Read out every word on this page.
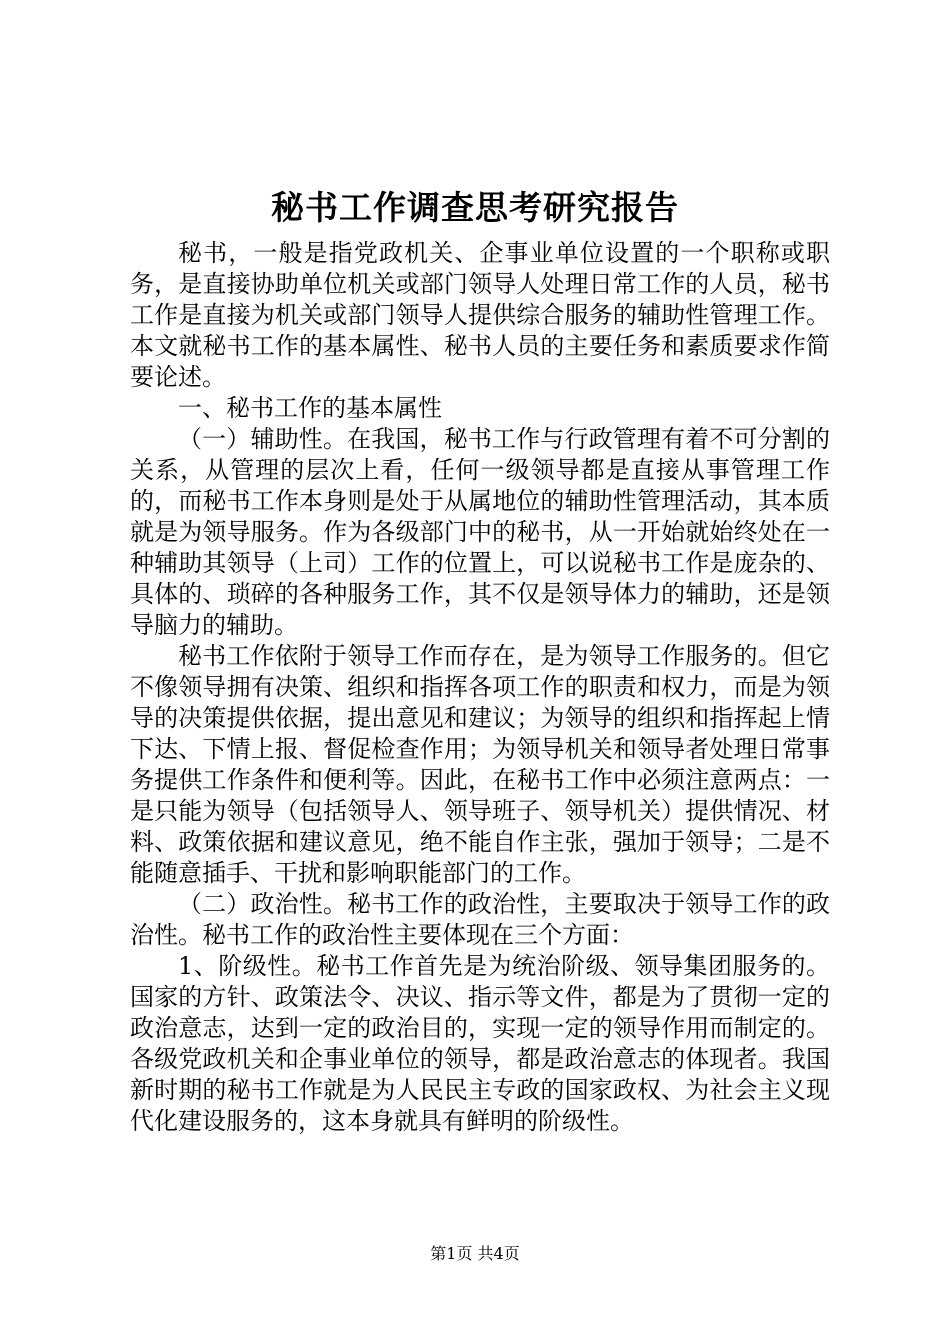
秘书工作调查思考研究报告

秘书，一般是指党政机关、企事业单位设置的一个职称或职务，是直接协助单位机关或部门领导人处理日常工作的人员，秘书工作是直接为机关或部门领导人提供综合服务的辅助性管理工作。本文就秘书工作的基本属性、秘书人员的主要任务和素质要求作简要论述。

一、秘书工作的基本属性

（一）辅助性。在我国，秘书工作与行政管理有着不可分割的关系，从管理的层次上看，任何一级领导都是直接从事管理工作的，而秘书工作本身则是处于从属地位的辅助性管理活动，其本质就是为领导服务。作为各级部门中的秘书，从一开始就始终处在一种辅助其领导（上司）工作的位置上，可以说秘书工作是庞杂的、具体的、琐碎的各种服务工作，其不仅是领导体力的辅助，还是领导脑力的辅助。

秘书工作依附于领导工作而存在，是为领导工作服务的。但它不像领导拥有决策、组织和指挥各项工作的职责和权力，而是为领导的决策提供依据，提出意见和建议；为领导的组织和指挥起上情下达、下情上报、督促检查作用；为领导机关和领导者处理日常事务提供工作条件和便利等。因此，在秘书工作中必须注意两点：一是只能为领导（包括领导人、领导班子、领导机关）提供情况、材料、政策依据和建议意见，绝不能自作主张，强加于领导；二是不能随意插手、干扰和影响职能部门的工作。

（二）政治性。秘书工作的政治性，主要取决于领导工作的政治性。秘书工作的政治性主要体现在三个方面：

1、阶级性。秘书工作首先是为统治阶级、领导集团服务的。国家的方针、政策法令、决议、指示等文件，都是为了贯彻一定的政治意志，达到一定的政治目的，实现一定的领导作用而制定的。各级党政机关和企事业单位的领导，都是政治意志的体现者。我国新时期的秘书工作就是为人民民主专政的国家政权、为社会主义现代化建设服务的，这本身就具有鲜明的阶级性。

第1页 共4页
